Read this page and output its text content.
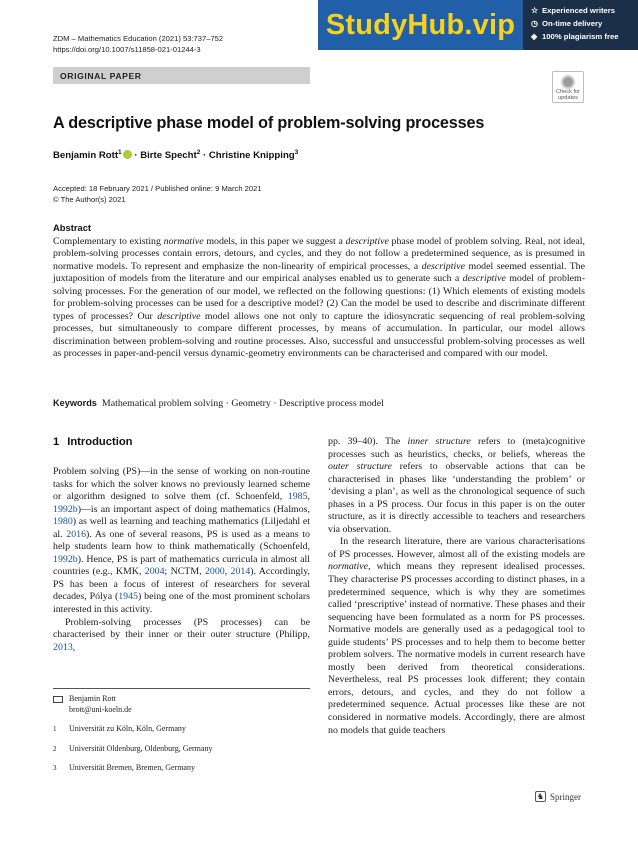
ZDM – Mathematics Education (2021) 53:737–752
https://doi.org/10.1007/s11858-021-01244-3
StudyHub.vip	☆ Experienced writers
◷ On-time delivery
◈ 100% plagiarism free
ORIGINAL PAPER
Check for
updates
A descriptive phase model of problem-solving processes
Benjamin Rott$^1$ · Birte Specht$^2$ · Christine Knipping$^3$
Accepted: 18 February 2021 / Published online: 9 March 2021
© The Author(s) 2021
Abstract
Complementary to existing normative models, in this paper we suggest a descriptive phase model of problem solving. Real, not ideal, problem-solving processes contain errors, detours, and cycles, and they do not follow a predetermined sequence, as is presumed in normative models. To represent and emphasize the non-linearity of empirical processes, a descriptive model seemed essential. The juxtaposition of models from the literature and our empirical analyses enabled us to generate such a descriptive model of problem-solving processes. For the generation of our model, we reflected on the following questions: (1) Which elements of existing models for problem-solving processes can be used for a descriptive model? (2) Can the model be used to describe and discriminate different types of processes? Our descriptive model allows one not only to capture the idiosyncratic sequencing of real problem-solving processes, but simultaneously to compare different processes, by means of accumulation. In particular, our model allows discrimination between problem-solving and routine processes. Also, successful and unsuccessful problem-solving processes as well as processes in paper-and-pencil versus dynamic-geometry environments can be characterised and compared with our model.
Keywords Mathematical problem solving · Geometry · Descriptive process model
1 Introduction

Problem solving (PS)—in the sense of working on non-routine tasks for which the solver knows no previously learned scheme or algorithm designed to solve them (cf. Schoenfeld, 1985, 1992b)—is an important aspect of doing mathematics (Halmos, 1980) as well as learning and teaching mathematics (Liljedahl et al. 2016). As one of several reasons, PS is used as a means to help students learn how to think mathematically (Schoenfeld, 1992b). Hence, PS is part of mathematics curricula in almost all countries (e.g., KMK, 2004; NCTM, 2000, 2014). Accordingly, PS has been a focus of interest of researchers for several decades, Pólya (1945) being one of the most prominent scholars interested in this activity.

Problem-solving processes (PS processes) can be characterised by their inner or their outer structure (Philipp, 2013,

pp. 39–40). The inner structure refers to (meta)cognitive processes such as heuristics, checks, or beliefs, whereas the outer structure refers to observable actions that can be characterised in phases like ‘understanding the problem’ or ‘devising a plan’, as well as the chronological sequence of such phases in a PS process. Our focus in this paper is on the outer structure, as it is directly accessible to teachers and researchers via observation.

In the research literature, there are various characterisations of PS processes. However, almost all of the existing models are normative, which means they represent idealised processes. They characterise PS processes according to distinct phases, in a predetermined sequence, which is why they are sometimes called ‘prescriptive’ instead of normative. These phases and their sequencing have been formulated as a norm for PS processes. Normative models are generally used as a pedagogical tool to guide students’ PS processes and to help them to become better problem solvers. The normative models in current research have mostly been derived from theoretical considerations. Nevertheless, real PS processes look different; they contain errors, detours, and cycles, and they do not follow a predetermined sequence. Actual processes like these are not considered in normative models. Accordingly, there are almost no models that guide teachers

Benjamin Rott
brott@uni-koeln.de
1	Universität zu Köln, Köln, Germany
2	Universität Oldenburg, Oldenburg, Germany
3	Universität Bremen, Bremen, Germany
♞ Springer
